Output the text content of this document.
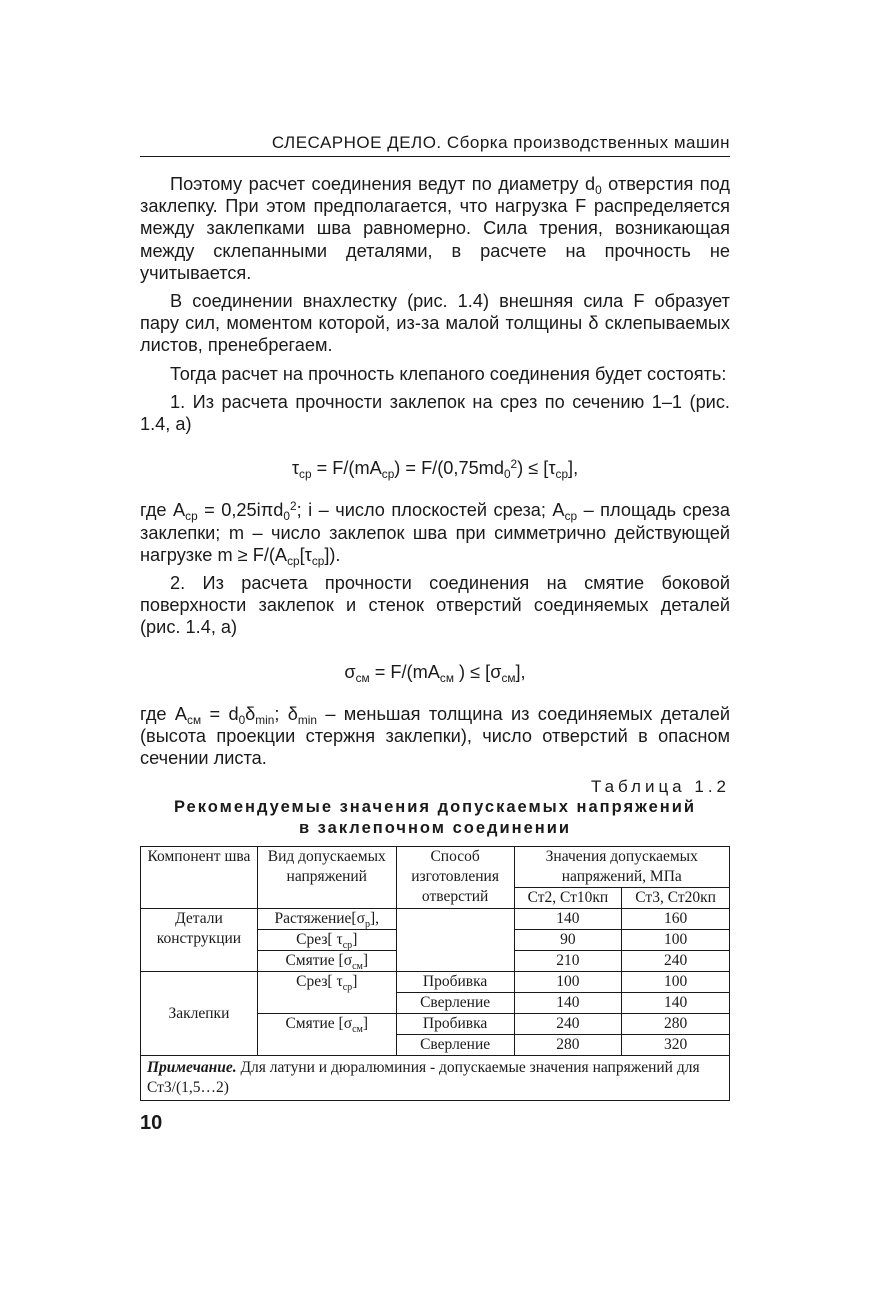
СЛЕСАРНОЕ ДЕЛО. Сборка производственных машин

Поэтому расчет соединения ведут по диаметру $d_0$ отверстия под заклепку. При этом предполагается, что нагрузка F распределяется между заклепками шва равномерно. Сила трения, возникающая между склепанными деталями, в расчете на прочность не учитывается.

В соединении внахлестку (рис. 1.4) внешняя сила F образует пару сил, моментом которой, из-за малой толщины δ склепываемых листов, пренебрегаем.

Тогда расчет на прочность клепаного соединения будет состоять:

1. Из расчета прочности заклепок на срез по сечению 1–1 (рис. 1.4, а)

$\tau_{ср} = F/(mA_{ср}) = F/(0,75md_0^2) \le [\tau_{ср}]$,

где $A_{ср} = 0,25i\pi d_0^2$; i – число плоскостей среза; $A_{ср}$ – площадь среза заклепки; m – число заклепок шва при симметрично действующей нагрузке $m \ge F/(A_{ср}[\tau_{ср}])$.

2. Из расчета прочности соединения на смятие боковой поверхности заклепок и стенок отверстий соединяемых деталей (рис. 1.4, а)

$\sigma_{см} = F/(mA_{см}$ ) ≤ $[\sigma_{см}]$,

где $A_{см} = d_0\delta_{min}$; $\delta_{min}$ – меньшая толщина из соединяемых деталей (высота проекции стержня заклепки), число отверстий в опасном сечении листа.

Таблица 1.2
Рекомендуемые значения допускаемых напряжений
в заклепочном соединении
Компонент шва	Вид допускаемых напряжений	Способ изготовления отверстий	Значения допускаемых напряжений, МПа	
			Ст2, Ст10кп	Ст3, Ст20кп
Детали конструкции	$Растяжение[\sigma_р]$,		140	160
	Срез[ $\tau_{ср}$]		90	100
	Смятие $[\sigma_{см}]$		210	240
Заклепки	Срез[ $\tau_{ср}$]	Пробивка	100	100
		Сверление	140	140
	Смятие $[\sigma_{см}]$	Пробивка	240	280
		Сверление	280	320
Примечание. Для латуни и дюралюминия - допускаемые значения напряжений для Ст3/(1,5…2)				
10
